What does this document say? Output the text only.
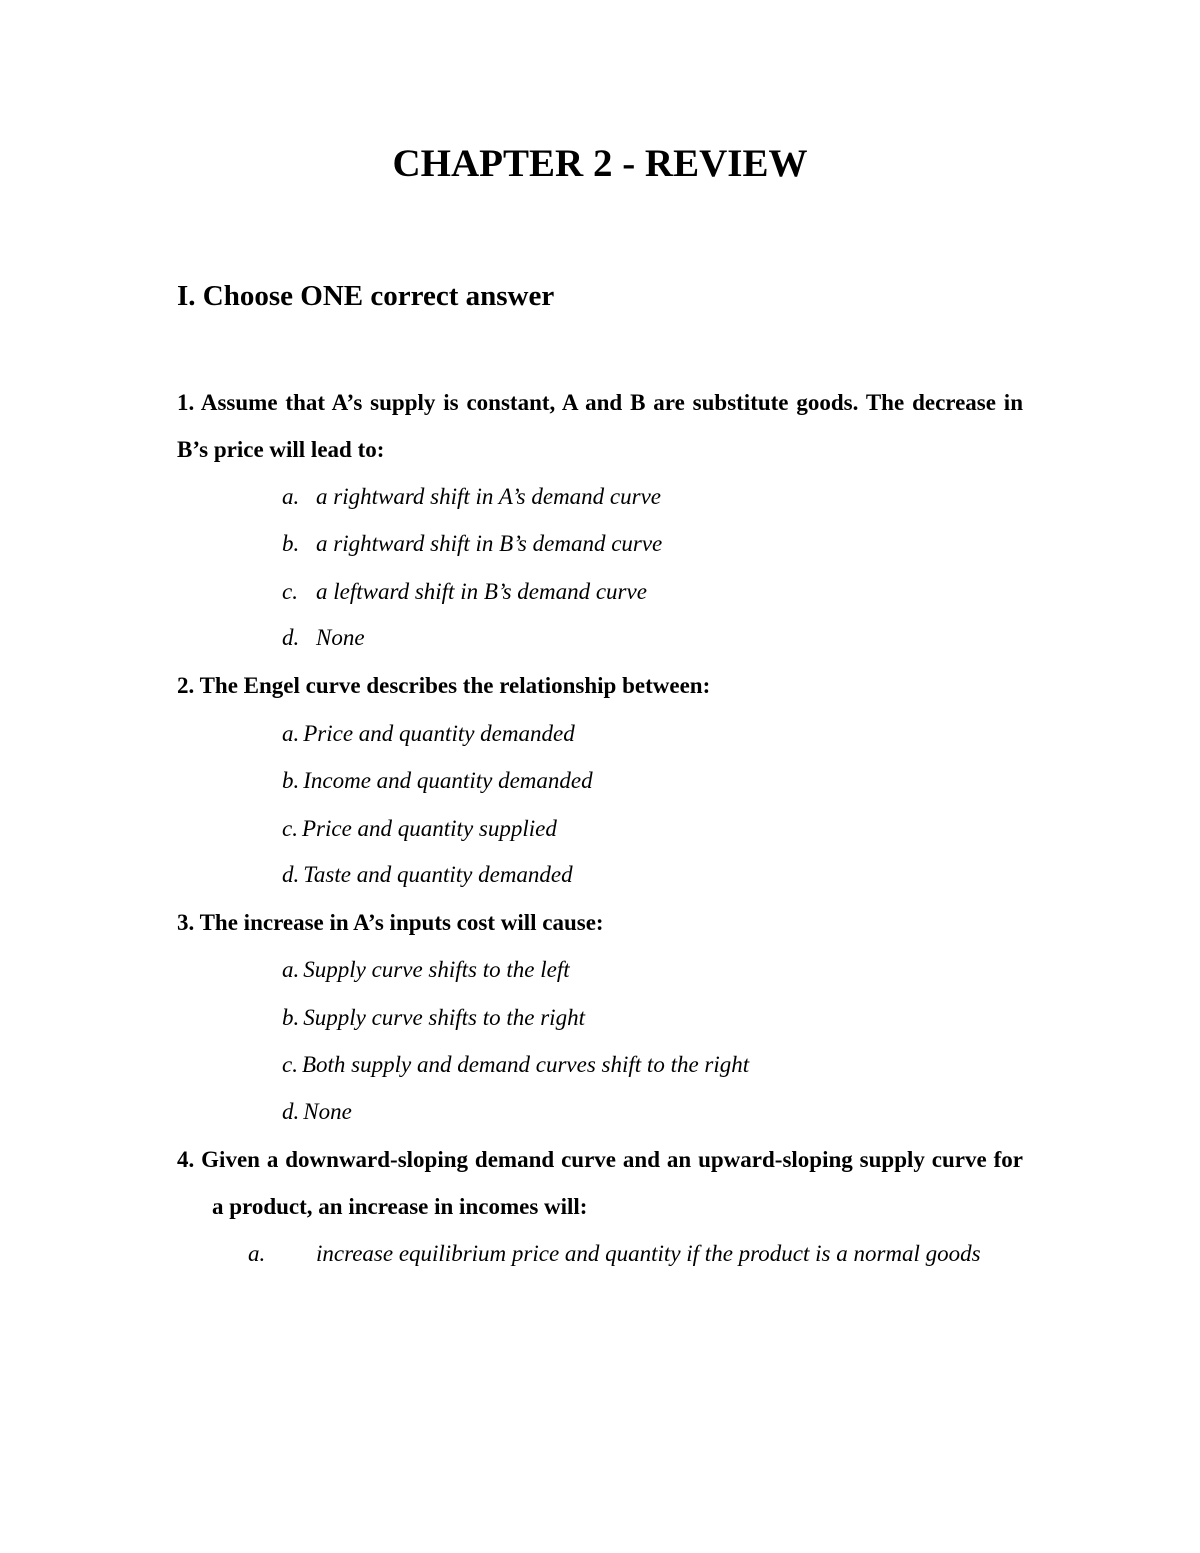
CHAPTER 2 - REVIEW
I. Choose ONE correct answer
1. Assume that A’s supply is constant, A and B are substitute goods. The decrease in B’s price will lead to:
a. a rightward shift in A’s demand curve
b. a rightward shift in B’s demand curve
c. a leftward shift in B’s demand curve
d. None
2. The Engel curve describes the relationship between:
a. Price and quantity demanded
b. Income and quantity demanded
c. Price and quantity supplied
d. Taste and quantity demanded
3. The increase in A’s inputs cost will cause:
a. Supply curve shifts to the left
b. Supply curve shifts to the right
c. Both supply and demand curves shift to the right
d. None
4. Given a downward-sloping demand curve and an upward-sloping supply curve for a product, an increase in incomes will:
a. increase equilibrium price and quantity if the product is a normal goods
